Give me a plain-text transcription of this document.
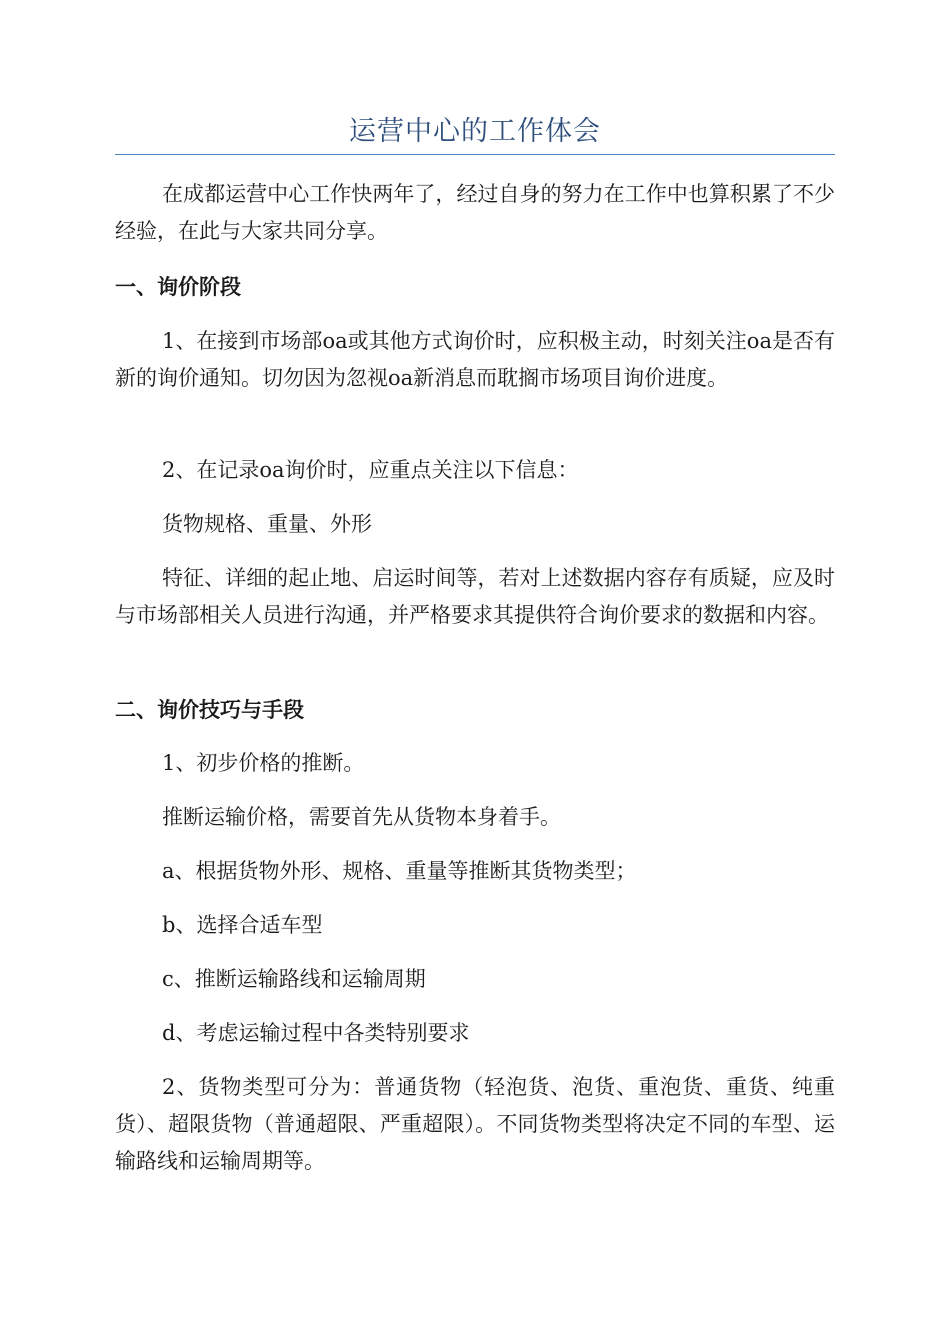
运营中心的工作体会

在成都运营中心工作快两年了，经过自身的努力在工作中也算积累了不少经验，在此与大家共同分享。

一、询价阶段

1、在接到市场部oa或其他方式询价时，应积极主动，时刻关注oa是否有新的询价通知。切勿因为忽视oa新消息而耽搁市场项目询价进度。

2、在记录oa询价时，应重点关注以下信息：

货物规格、重量、外形

特征、详细的起止地、启运时间等，若对上述数据内容存有质疑，应及时与市场部相关人员进行沟通，并严格要求其提供符合询价要求的数据和内容。

二、询价技巧与手段

1、初步价格的推断。

推断运输价格，需要首先从货物本身着手。

a、根据货物外形、规格、重量等推断其货物类型；

b、选择合适车型

c、推断运输路线和运输周期

d、考虑运输过程中各类特别要求

2、货物类型可分为：普通货物（轻泡货、泡货、重泡货、重货、纯重货）、超限货物（普通超限、严重超限）。不同货物类型将决定不同的车型、运输路线和运输周期等。
